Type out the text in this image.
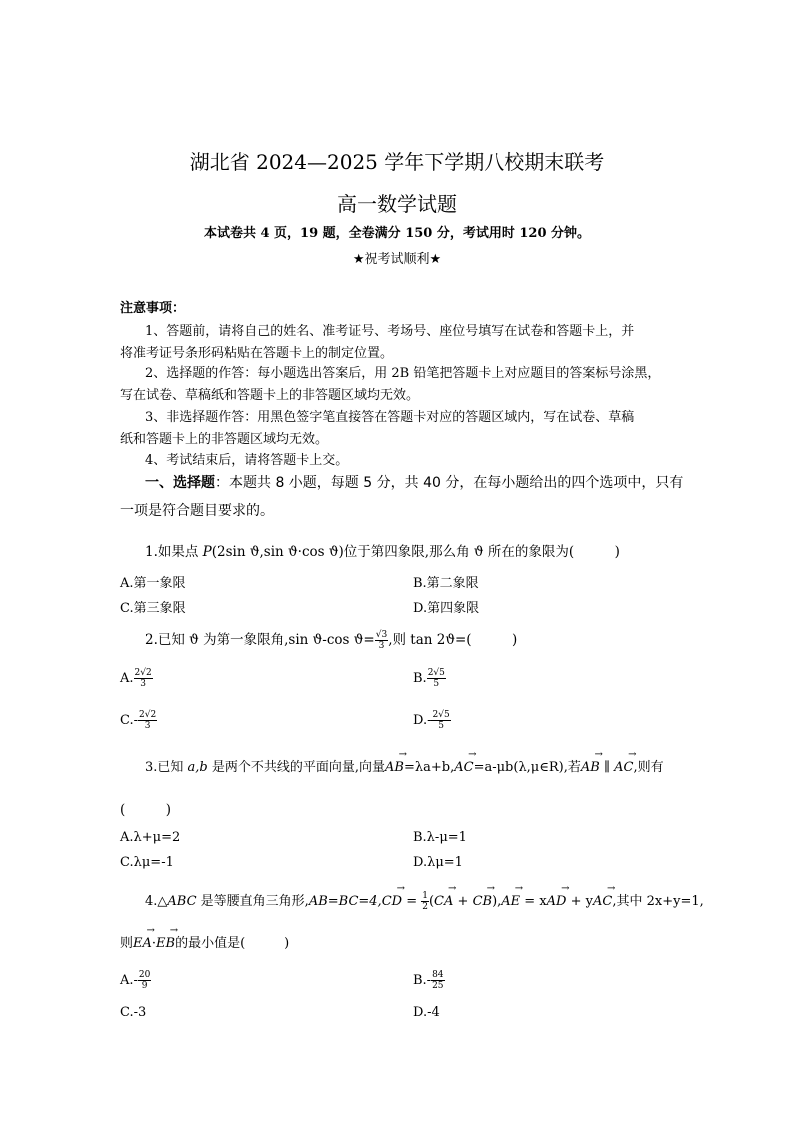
湖北省 2024—2025 学年下学期八校期末联考
高一数学试题
本试卷共 4 页，19 题，全卷满分 150 分，考试用时 120 分钟。
★祝考试顺利★
注意事项：
1、答题前，请将自己的姓名、准考证号、考场号、座位号填写在试卷和答题卡上，并
将准考证号条形码粘贴在答题卡上的制定位置。
2、选择题的作答：每小题选出答案后，用 2B 铅笔把答题卡上对应题目的答案标号涂黑，
写在试卷、草稿纸和答题卡上的非答题区域均无效。
3、非选择题作答：用黑色签字笔直接答在答题卡对应的答题区域内，写在试卷、草稿
纸和答题卡上的非答题区域均无效。
4、考试结束后，请将答题卡上交。
一、选择题：本题共 8 小题，每题 5 分，共 40 分，在每小题给出的四个选项中，只有
一项是符合题目要求的。
1.如果点 P(2sin ϑ,sin ϑ·cos ϑ)位于第四象限,那么角 ϑ 所在的象限为(　　　)
A.第一象限	B.第二象限
C.第三象限	D.第四象限
2.已知 ϑ 为第一象限角,sin ϑ-cos $ϑ= \frac{√3}{3}$ ,则 tan 2ϑ=(　　　)
A. $\frac{2√2}{3}$	B. $\frac{2√5}{5}$
$C.- \frac{2√2}{3}$	$D.- \frac{2√5}{5}$
3.已知 a,b 是两个不共线的平面向量,向量→ AB=λa+b,→ AC=a-μb(λ,μ∈R),若→ AB ∥ → AC,则有
(　　　)
A.λ+μ=2	B.λ-μ=1
C.λμ=-1	D.λμ=1
4.△ABC 是等腰直角三角形,AB=BC=4,→ CD = $\frac{1}{2}$ (→ CA + → CB),→ AE = x→ AD + y→ AC,其中 2x+y=1,
则→ EA·→ EB的最小值是(　　　)
$A.- \frac{20}{9}$	$B.- \frac{84}{25}$
C.-3	D.-4
